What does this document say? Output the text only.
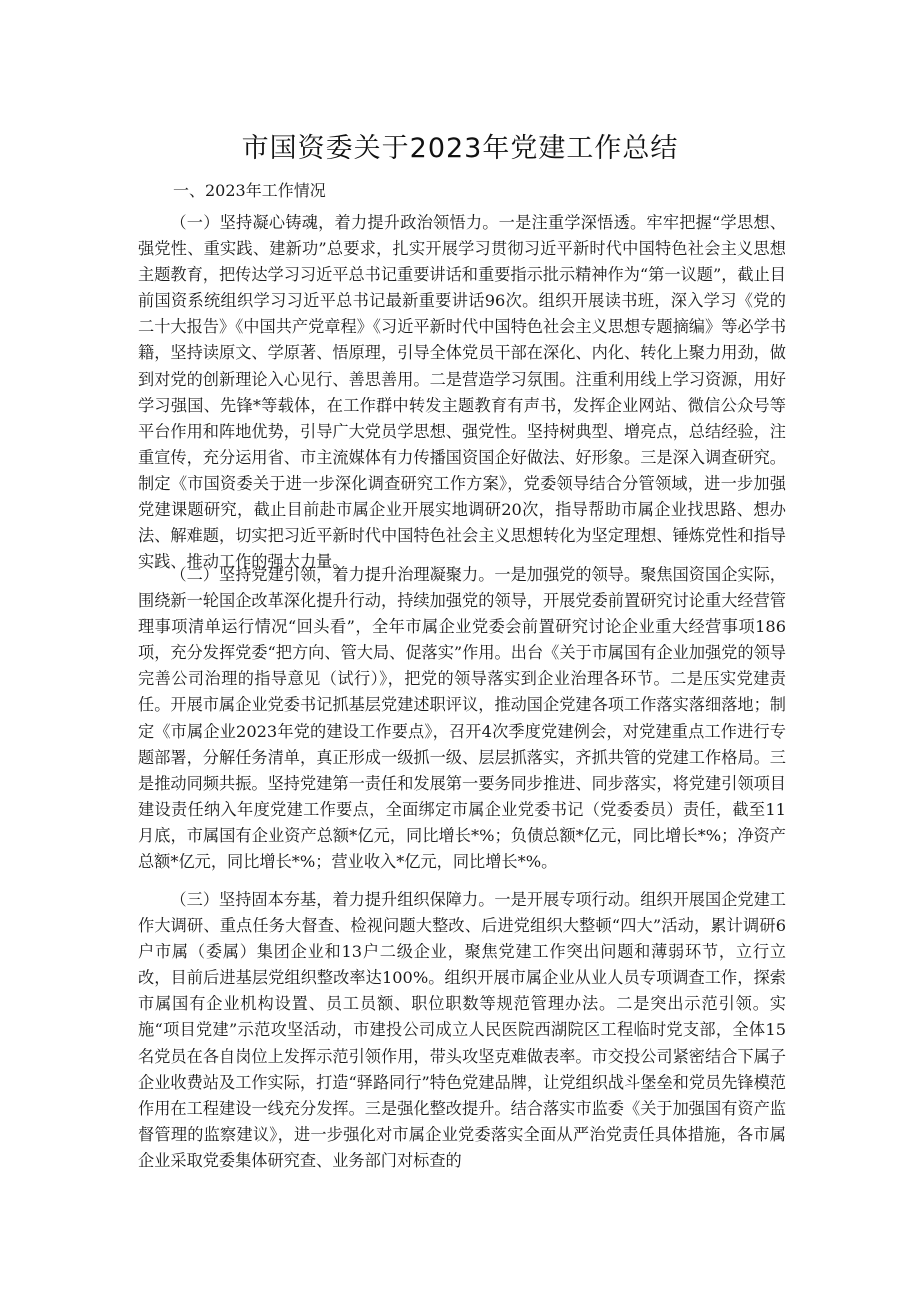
市国资委关于2023年党建工作总结
一、2023年工作情况

（一）坚持凝心铸魂，着力提升政治领悟力。一是注重学深悟透。牢牢把握“学思想、强党性、重实践、建新功”总要求，扎实开展学习贯彻习近平新时代中国特色社会主义思想主题教育，把传达学习习近平总书记重要讲话和重要指示批示精神作为“第一议题”，截止目前国资系统组织学习习近平总书记最新重要讲话96次。组织开展读书班，深入学习《党的二十大报告》《中国共产党章程》《习近平新时代中国特色社会主义思想专题摘编》等必学书籍，坚持读原文、学原著、悟原理，引导全体党员干部在深化、内化、转化上聚力用劲，做到对党的创新理论入心见行、善思善用。二是营造学习氛围。注重利用线上学习资源，用好学习强国、先锋*等载体，在工作群中转发主题教育有声书，发挥企业网站、微信公众号等平台作用和阵地优势，引导广大党员学思想、强党性。坚持树典型、增亮点，总结经验，注重宣传，充分运用省、市主流媒体有力传播国资国企好做法、好形象。三是深入调查研究。制定《市国资委关于进一步深化调查研究工作方案》，党委领导结合分管领域，进一步加强党建课题研究，截止目前赴市属企业开展实地调研20次，指导帮助市属企业找思路、想办法、解难题，切实把习近平新时代中国特色社会主义思想转化为坚定理想、锤炼党性和指导实践、推动工作的强大力量。

（二）坚持党建引领，着力提升治理凝聚力。一是加强党的领导。聚焦国资国企实际，围绕新一轮国企改革深化提升行动，持续加强党的领导，开展党委前置研究讨论重大经营管理事项清单运行情况“回头看”，全年市属企业党委会前置研究讨论企业重大经营事项186项，充分发挥党委“把方向、管大局、促落实”作用。出台《关于市属国有企业加强党的领导完善公司治理的指导意见（试行）》，把党的领导落实到企业治理各环节。二是压实党建责任。开展市属企业党委书记抓基层党建述职评议，推动国企党建各项工作落实落细落地；制定《市属企业2023年党的建设工作要点》，召开4次季度党建例会，对党建重点工作进行专题部署，分解任务清单，真正形成一级抓一级、层层抓落实，齐抓共管的党建工作格局。三是推动同频共振。坚持党建第一责任和发展第一要务同步推进、同步落实，将党建引领项目建设责任纳入年度党建工作要点，全面绑定市属企业党委书记（党委委员）责任，截至11月底，市属国有企业资产总额*亿元，同比增长*%；负债总额*亿元，同比增长*%；净资产总额*亿元，同比增长*%；营业收入*亿元，同比增长*%。

（三）坚持固本夯基，着力提升组织保障力。一是开展专项行动。组织开展国企党建工作大调研、重点任务大督查、检视问题大整改、后进党组织大整顿“四大”活动，累计调研6户市属（委属）集团企业和13户二级企业，聚焦党建工作突出问题和薄弱环节，立行立改，目前后进基层党组织整改率达100%。组织开展市属企业从业人员专项调查工作，探索市属国有企业机构设置、员工员额、职位职数等规范管理办法。二是突出示范引领。实施“项目党建”示范攻坚活动，市建投公司成立人民医院西湖院区工程临时党支部，全体15名党员在各自岗位上发挥示范引领作用，带头攻坚克难做表率。市交投公司紧密结合下属子企业收费站及工作实际，打造“驿路同行”特色党建品牌，让党组织战斗堡垒和党员先锋模范作用在工程建设一线充分发挥。三是强化整改提升。结合落实市监委《关于加强国有资产监督管理的监察建议》，进一步强化对市属企业党委落实全面从严治党责任具体措施，各市属企业采取党委集体研究查、业务部门对标查的
